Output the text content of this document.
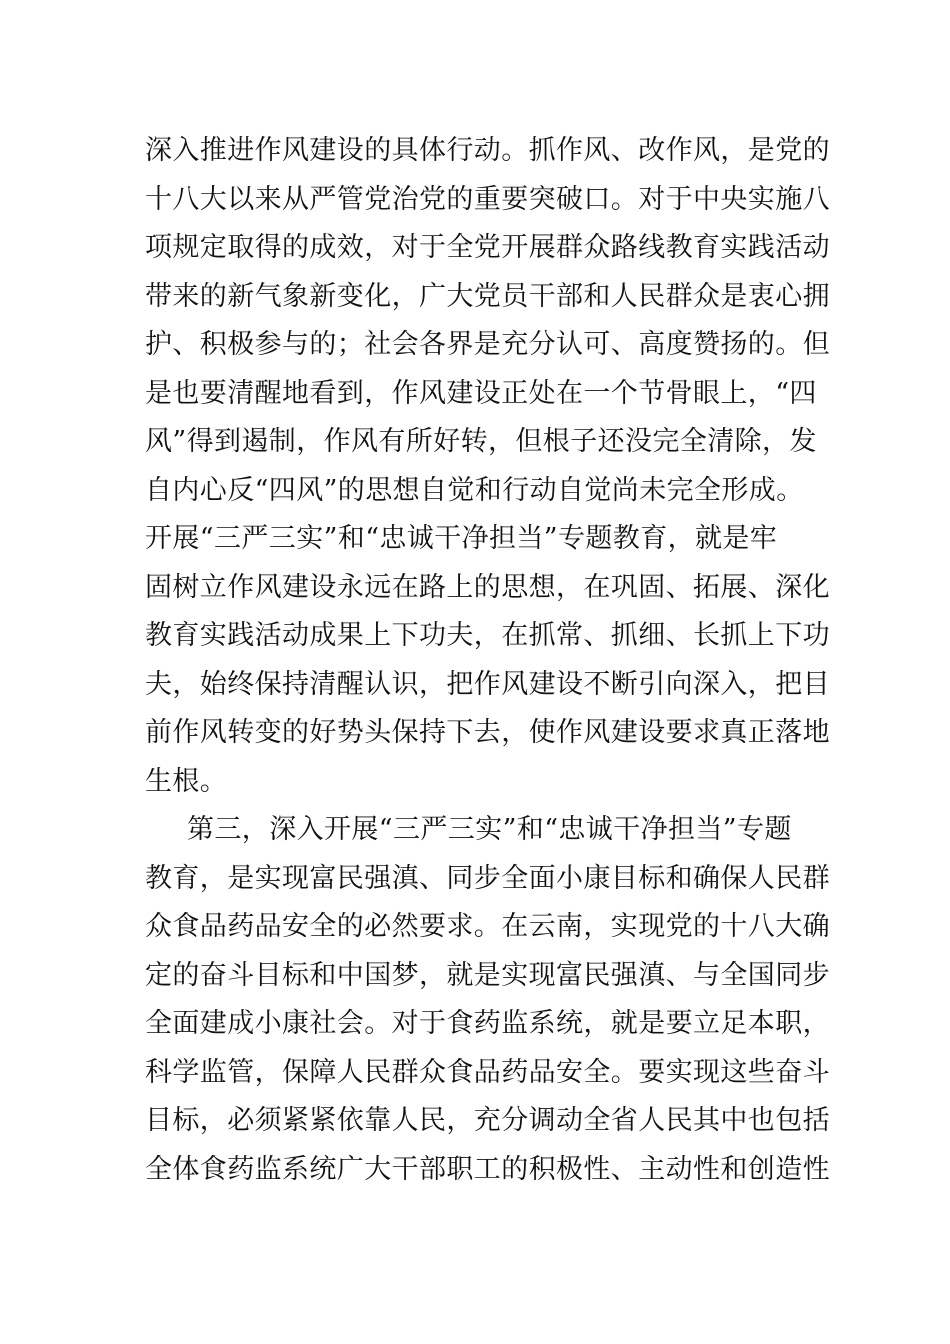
深入推进作风建设的具体行动。抓作风、改作风，是党的
十八大以来从严管党治党的重要突破口。对于中央实施八
项规定取得的成效，对于全党开展群众路线教育实践活动
带来的新气象新变化，广大党员干部和人民群众是衷心拥
护、积极参与的；社会各界是充分认可、高度赞扬的。但
是也要清醒地看到，作风建设正处在一个节骨眼上，“四
风”得到遏制，作风有所好转，但根子还没完全清除，发
自内心反“四风”的思想自觉和行动自觉尚未完全形成。
开展“三严三实”和“忠诚干净担当”专题教育，就是牢
固树立作风建设永远在路上的思想，在巩固、拓展、深化
教育实践活动成果上下功夫，在抓常、抓细、长抓上下功
夫，始终保持清醒认识，把作风建设不断引向深入，把目
前作风转变的好势头保持下去，使作风建设要求真正落地
生根。
第三，深入开展“三严三实”和“忠诚干净担当”专题
教育，是实现富民强滇、同步全面小康目标和确保人民群
众食品药品安全的必然要求。在云南，实现党的十八大确
定的奋斗目标和中国梦，就是实现富民强滇、与全国同步
全面建成小康社会。对于食药监系统，就是要立足本职，
科学监管，保障人民群众食品药品安全。要实现这些奋斗
目标，必须紧紧依靠人民，充分调动全省人民其中也包括
全体食药监系统广大干部职工的积极性、主动性和创造性
